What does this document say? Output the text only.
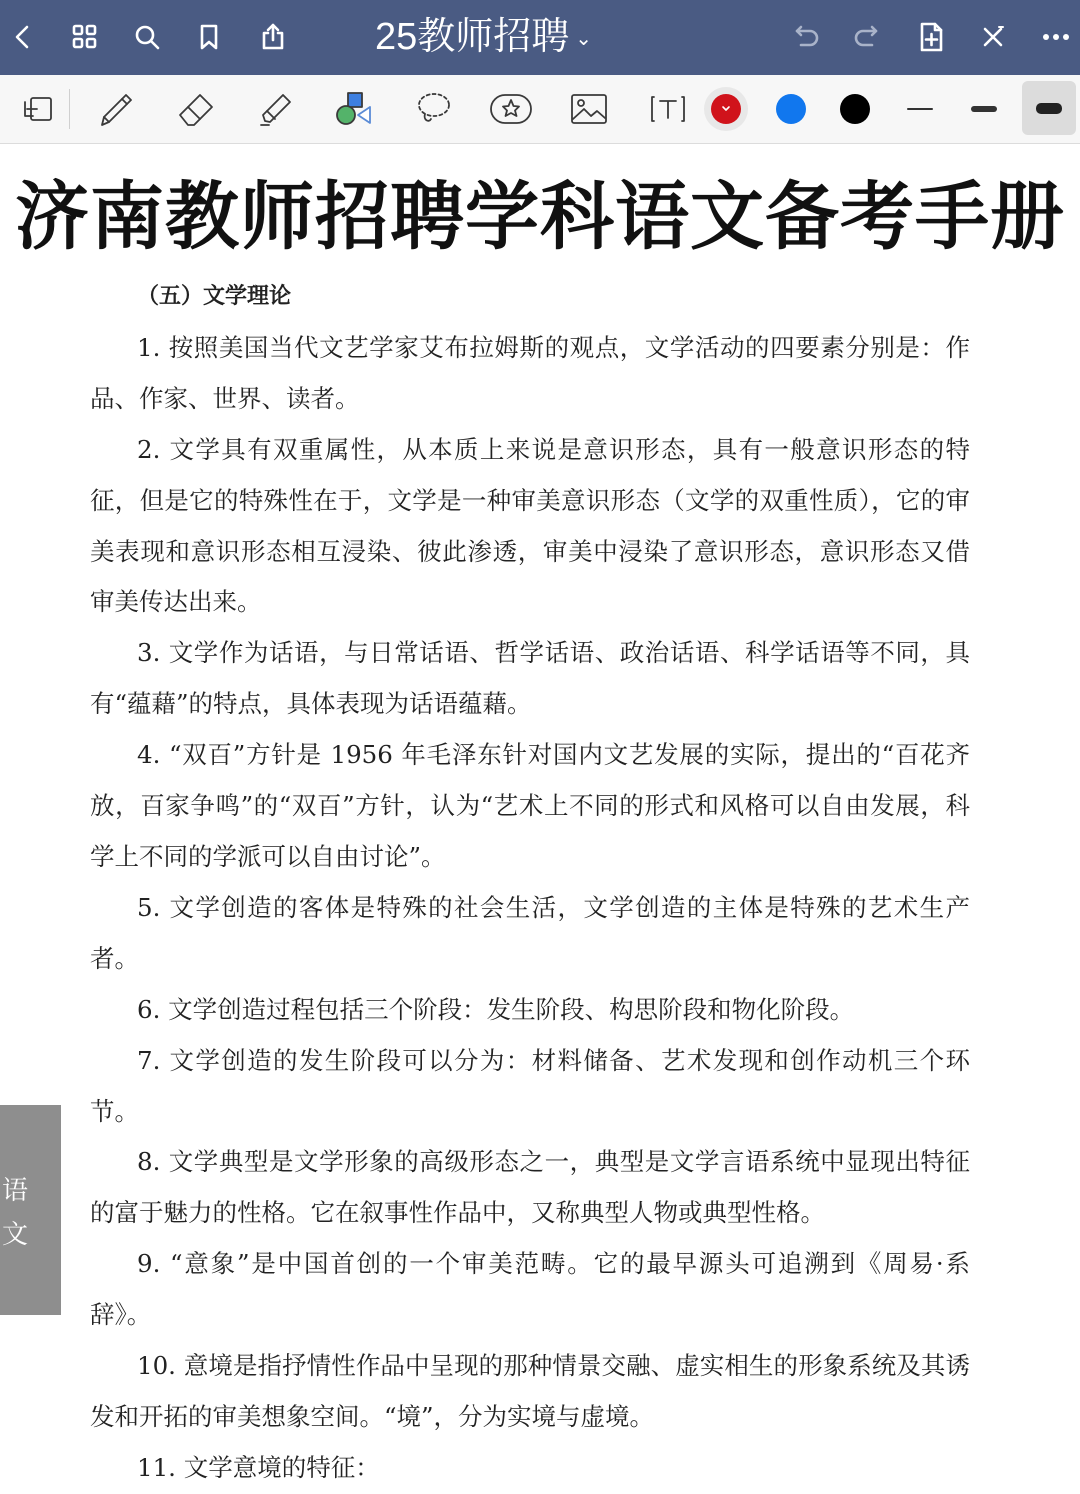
25教师招聘 ⌄
济南教师招聘学科语文备考手册

（五）文学理论

1. 按照美国当代文艺学家艾布拉姆斯的观点，文学活动的四要素分别是：作品、作家、世界、读者。

2. 文学具有双重属性，从本质上来说是意识形态，具有一般意识形态的特征，但是它的特殊性在于，文学是一种审美意识形态（文学的双重性质），它的审美表现和意识形态相互浸染、彼此渗透，审美中浸染了意识形态，意识形态又借审美传达出来。

3. 文学作为话语，与日常话语、哲学话语、政治话语、科学话语等不同，具有“蕴藉”的特点，具体表现为话语蕴藉。

4. “双百”方针是 1956 年毛泽东针对国内文艺发展的实际，提出的“百花齐放，百家争鸣”的“双百”方针，认为“艺术上不同的形式和风格可以自由发展，科学上不同的学派可以自由讨论”。

5. 文学创造的客体是特殊的社会生活，文学创造的主体是特殊的艺术生产者。

6. 文学创造过程包括三个阶段：发生阶段、构思阶段和物化阶段。

7. 文学创造的发生阶段可以分为：材料储备、艺术发现和创作动机三个环节。

8. 文学典型是文学形象的高级形态之一，典型是文学言语系统中显现出特征的富于魅力的性格。它在叙事性作品中，又称典型人物或典型性格。

9. “意象”是中国首创的一个审美范畴。它的最早源头可追溯到《周易·系辞》。

10. 意境是指抒情性作品中呈现的那种情景交融、虚实相生的形象系统及其诱发和开拓的审美想象空间。“境”，分为实境与虚境。

11. 文学意境的特征：

语文
